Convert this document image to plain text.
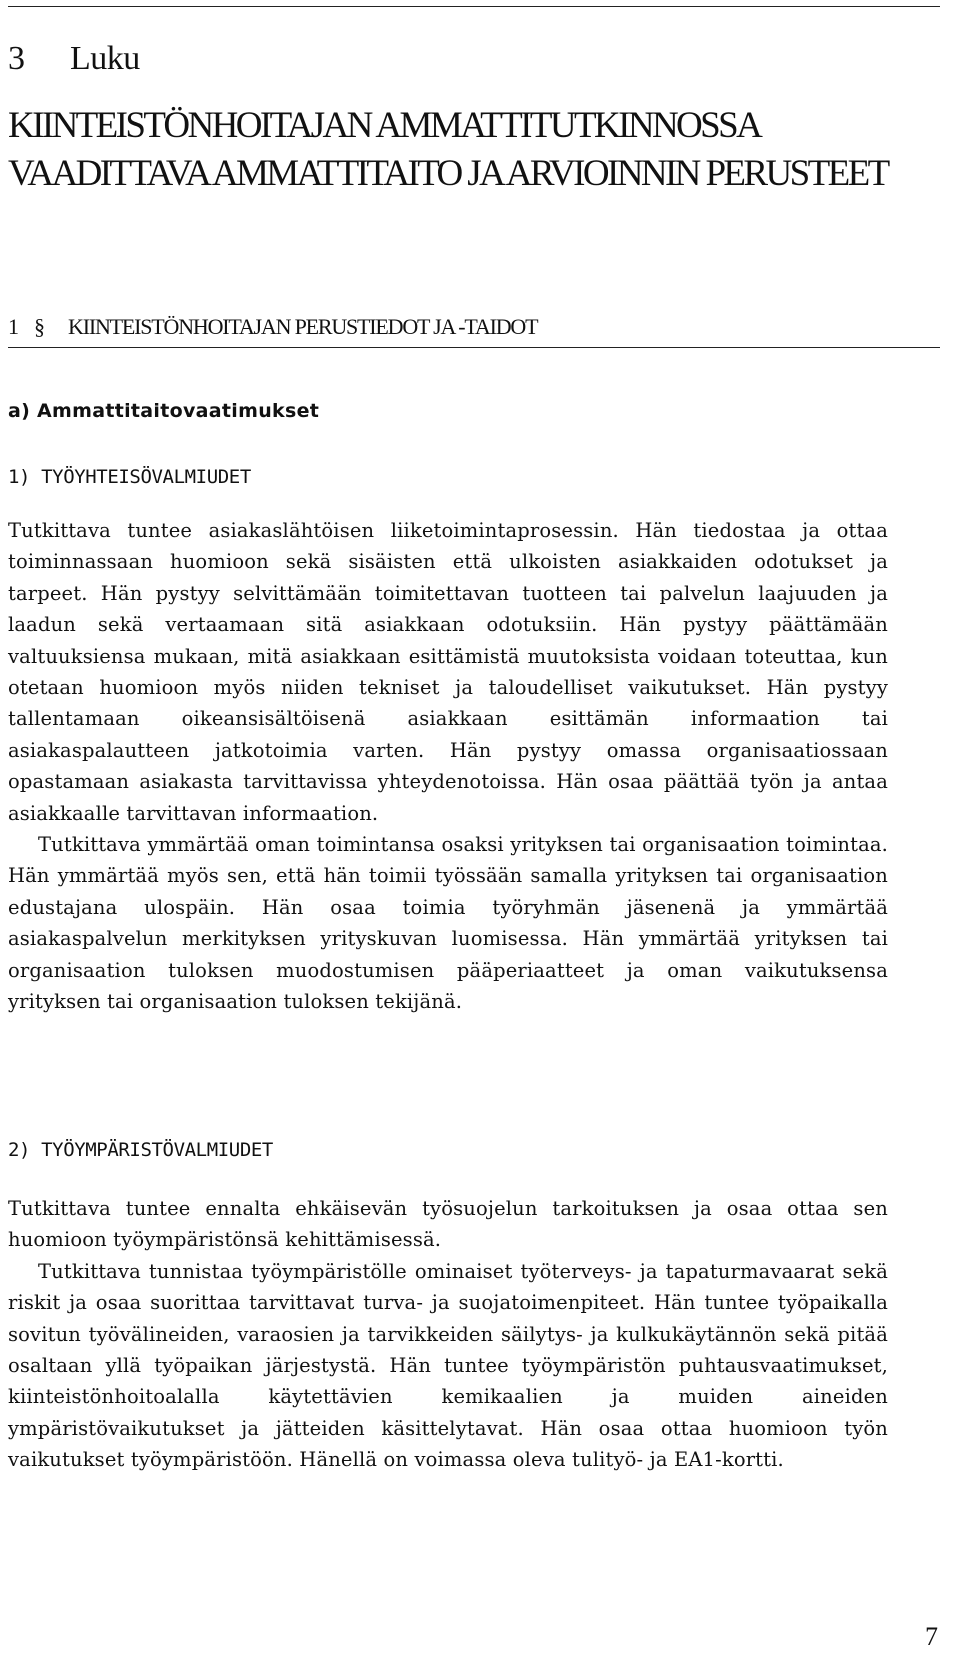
3 Luku
KIINTEISTÖNHOITAJAN AMMATTITUTKINNOSSA VAADITTAVA AMMATTITAITO JA ARVIOINNIN PERUSTEET
1 § KIINTEISTÖNHOITAJAN PERUSTIEDOT JA -TAIDOT
a) Ammattitaitovaatimukset
1) TYÖYHTEISÖVALMIUDET

Tutkittava tuntee asiakaslähtöisen liiketoimintaprosessin. Hän tiedostaa ja ottaa toiminnassaan huomioon sekä sisäisten että ulkoisten asiakkaiden odotukset ja tarpeet. Hän pystyy selvittämään toimitettavan tuotteen tai palvelun laajuuden ja laadun sekä vertaamaan sitä asiakkaan odotuksiin. Hän pystyy päättämään valtuuksiensa mukaan, mitä asiakkaan esittämistä muutoksista voidaan toteuttaa, kun otetaan huomioon myös niiden tekniset ja taloudelliset vaikutukset. Hän pystyy tallentamaan oikeansisältöisenä asiakkaan esittämän informaation tai asiakaspalautteen jatkotoimia varten. Hän pystyy omassa organisaatiossaan opastamaan asiakasta tarvittavissa yhteydenotoissa. Hän osaa päättää työn ja antaa asiakkaalle tarvittavan informaation.

Tutkittava ymmärtää oman toimintansa osaksi yrityksen tai organisaation toimintaa. Hän ymmärtää myös sen, että hän toimii työssään samalla yrityksen tai organisaation edustajana ulospäin. Hän osaa toimia työryhmän jäsenenä ja ymmärtää asiakaspalvelun merkityksen yrityskuvan luomisessa. Hän ymmärtää yrityksen tai organisaation tuloksen muodostumisen pääperiaatteet ja oman vaikutuksensa yrityksen tai organisaation tuloksen tekijänä.

2) TYÖYMPÄRISTÖVALMIUDET

Tutkittava tuntee ennalta ehkäisevän työsuojelun tarkoituksen ja osaa ottaa sen huomioon työympäristönsä kehittämisessä.

Tutkittava tunnistaa työympäristölle ominaiset työterveys- ja tapaturmavaarat sekä riskit ja osaa suorittaa tarvittavat turva- ja suojatoimenpiteet. Hän tuntee työpaikalla sovitun työvälineiden, varaosien ja tarvikkeiden säilytys- ja kulkukäytännön sekä pitää osaltaan yllä työpaikan järjestystä. Hän tuntee työympäristön puhtausvaatimukset, kiinteistönhoitoalalla käytettävien kemikaalien ja muiden aineiden ympäristövaikutukset ja jätteiden käsittelytavat. Hän osaa ottaa huomioon työn vaikutukset työympäristöön. Hänellä on voimassa oleva tulityö- ja EA1-kortti.

7
